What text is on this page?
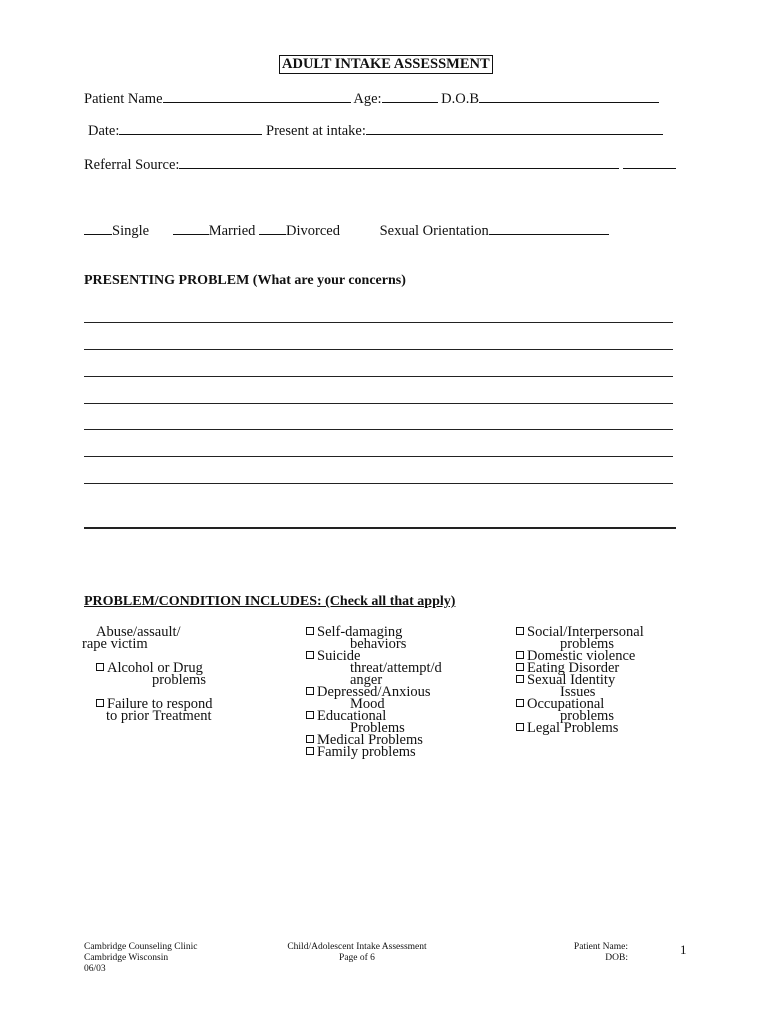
ADULT INTAKE ASSESSMENT
Patient Name	Age:	D.O.B
Date:	Present at intake:
Referral Source:
Single	Married Divorced	Sexual Orientation
PRESENTING PROBLEM (What are your concerns)
PROBLEM/CONDITION INCLUDES: (Check all that apply)
Abuse/assault/
rape victim
Alcohol or Drug
problems
Failure to respond
to prior Treatment
Self-damaging
behaviors
Suicide
threat/attempt/d
anger
Depressed/Anxious
Mood
Educational
Problems
Medical Problems
Family problems
Social/Interpersonal
problems
Domestic violence
Eating Disorder
Sexual Identity
Issues
Occupational
problems
Legal Problems
Cambridge Counseling Clinic
Cambridge Wisconsin
06/03
Child/Adolescent Intake Assessment
Page of 6
Patient Name:
DOB:
1
